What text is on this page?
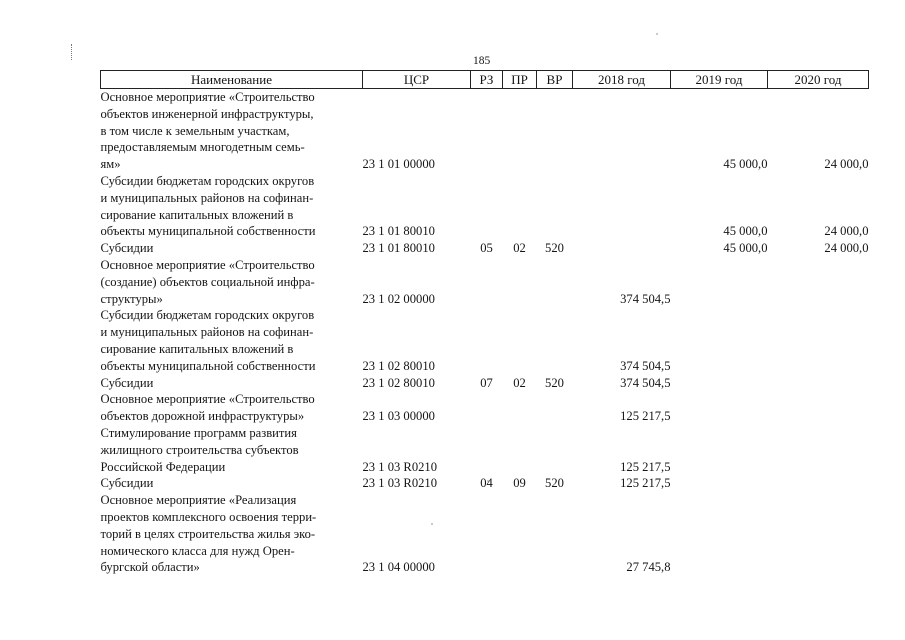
185
Наименование	ЦСР	РЗ	ПР	ВР	2018 год	2019 год	2020 год

Основное мероприятие «Строительство
объектов инженерной инфраструктуры,
в том числе к земельным участкам,
предоставляемым многодетным семь-
ям»	23 1 01 00000					45 000,0	24 000,0

Субсидии бюджетам городских округов
и муниципальных районов на софинан-
сирование капитальных вложений в
объекты муниципальной собственности	23 1 01 80010					45 000,0	24 000,0

Субсидии	23 1 01 80010	05	02	520		45 000,0	24 000,0

Основное мероприятие «Строительство
(создание) объектов социальной инфра-
структуры»	23 1 02 00000				374 504,5		

Субсидии бюджетам городских округов
и муниципальных районов на софинан-
сирование капитальных вложений в
объекты муниципальной собственности	23 1 02 80010				374 504,5		

Субсидии	23 1 02 80010	07	02	520	374 504,5		

Основное мероприятие «Строительство
объектов дорожной инфраструктуры»	23 1 03 00000				125 217,5		

Стимулирование программ развития
жилищного строительства субъектов
Российской Федерации	23 1 03 R0210				125 217,5		

Субсидии	23 1 03 R0210	04	09	520	125 217,5		

Основное мероприятие «Реализация
проектов комплексного освоения терри-
торий в целях строительства жилья эко-
номического класса для нужд Орен-
бургской области»	23 1 04 00000				27 745,8		
